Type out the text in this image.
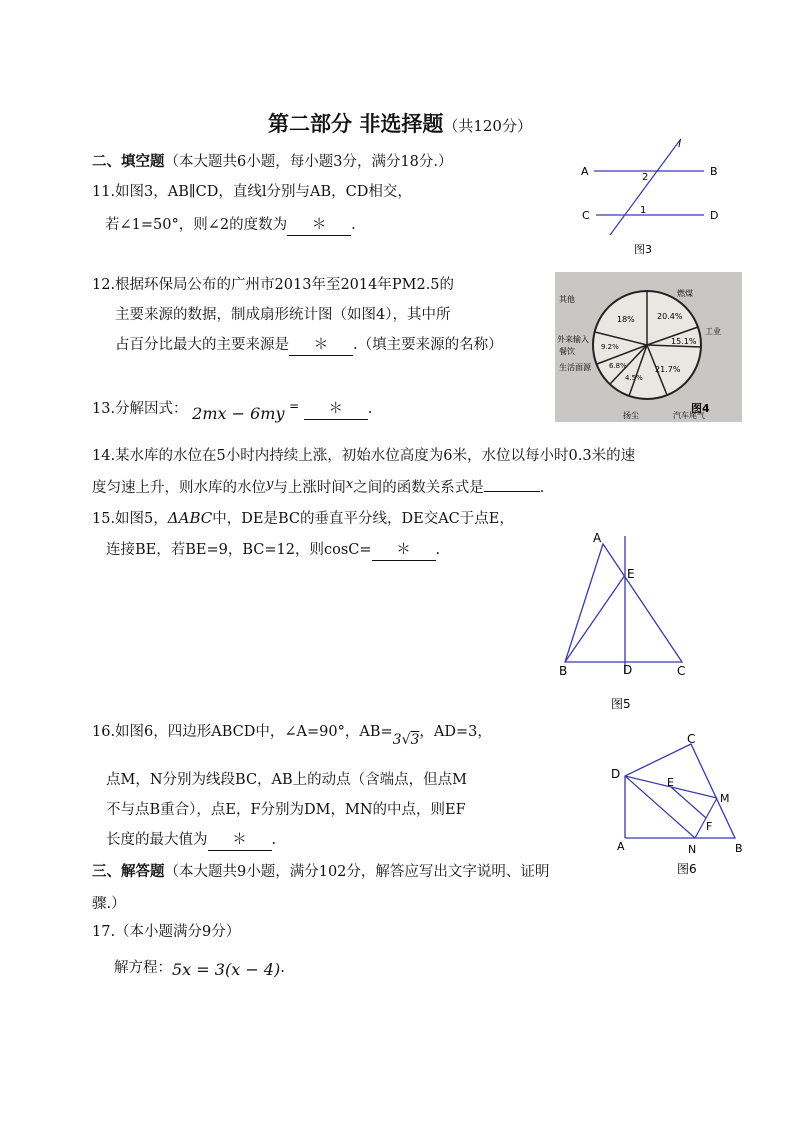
第二部分 非选择题（共120分）
二、填空题（本大题共6小题，每小题3分，满分18分.）
11.如图3，AB∥CD，直线l分别与AB，CD相交，
若∠1=50°，则∠2的度数为 ＊ .
A	B
C	D
l
2
1
图3
12.根据环保局公布的广州市2013年至2014年PM2.5的
主要来源的数据，制成扇形统计图（如图4），其中所
占百分比最大的主要来源是 ＊ .（填主要来源的名称）
其他
燃煤
工业
汽车尾气
外来输入
扬尘
生活面源
餐饮
18%	20.4%
15.1%
21.7%
4.5%
6.8%
9.2%
图4
13.分解因式： 2mx − 6my = ＊ .
14.某水库的水位在5小时内持续上涨，初始水位高度为6米，水位以每小时0.3米的速
度匀速上升，则水库的水位y与上涨时间x之间的函数关系式是	.
15.如图5，ΔABC中，DE是BC的垂直平分线，DE交AC于点E，
连接BE，若BE=9，BC=12，则cosC= ＊ .
A
E
B	D	C
图5
16.如图6，四边形ABCD中，∠A=90°，AB=3√3，AD=3，
点M，N分别为线段BC，AB上的动点（含端点，但点M
不与点B重合），点E，F分别为DM，MN的中点，则EF
长度的最大值为 ＊ .
C
D
E
M
F
A	N	B
图6
三、解答题（本大题共9小题，满分102分，解答应写出文字说明、证明
骤.）
17.（本小题满分9分）
解方程：5x = 3(x − 4).
